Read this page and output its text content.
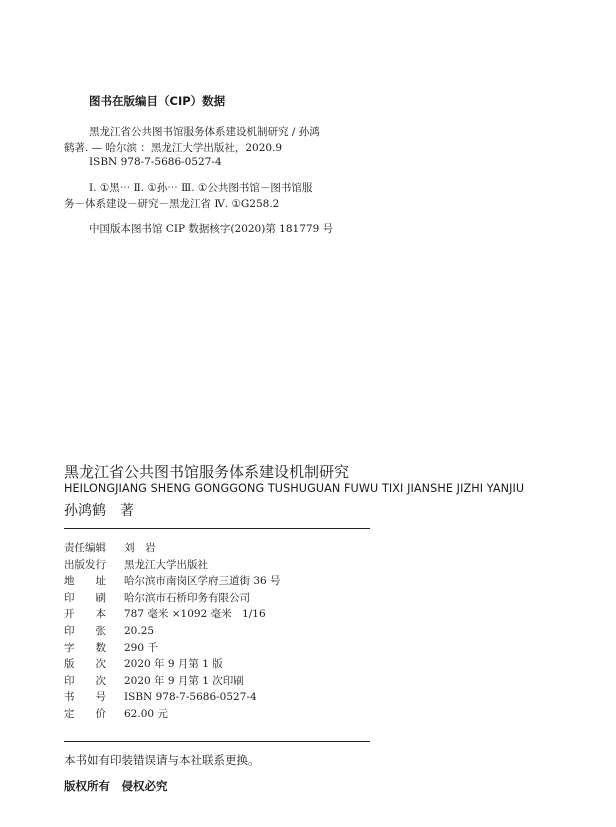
图书在版编目（CIP）数据
黑龙江省公共图书馆服务体系建设机制研究 / 孙鸿
鹤著. — 哈尔滨 ：黑龙江大学出版社，2020.9
ISBN 978-7-5686-0527-4
Ⅰ. ①黑⋯ Ⅱ. ①孙⋯ Ⅲ. ①公共图书馆－图书馆服
务－体系建设－研究－黑龙江省 Ⅳ. ①G258.2
中国版本图书馆 CIP 数据核字(2020)第 181779 号
黑龙江省公共图书馆服务体系建设机制研究
HEILONGJIANG SHENG GONGGONG TUSHUGUAN FUWU TIXI JIANSHE JIZHI YANJIU
孙鸿鹤　著
责任编辑	刘　岩
出版发行	黑龙江大学出版社
地　　址	哈尔滨市南岗区学府三道街 36 号
印　　刷	哈尔滨市石桥印务有限公司
开　　本	787 毫米 ×1092 毫米　1/16
印　　张	20.25
字　　数	290 千
版　　次	2020 年 9 月第 1 版
印　　次	2020 年 9 月第 1 次印刷
书　　号	ISBN 978-7-5686-0527-4
定　　价	62.00 元
本书如有印装错误请与本社联系更换。
版权所有　侵权必究
